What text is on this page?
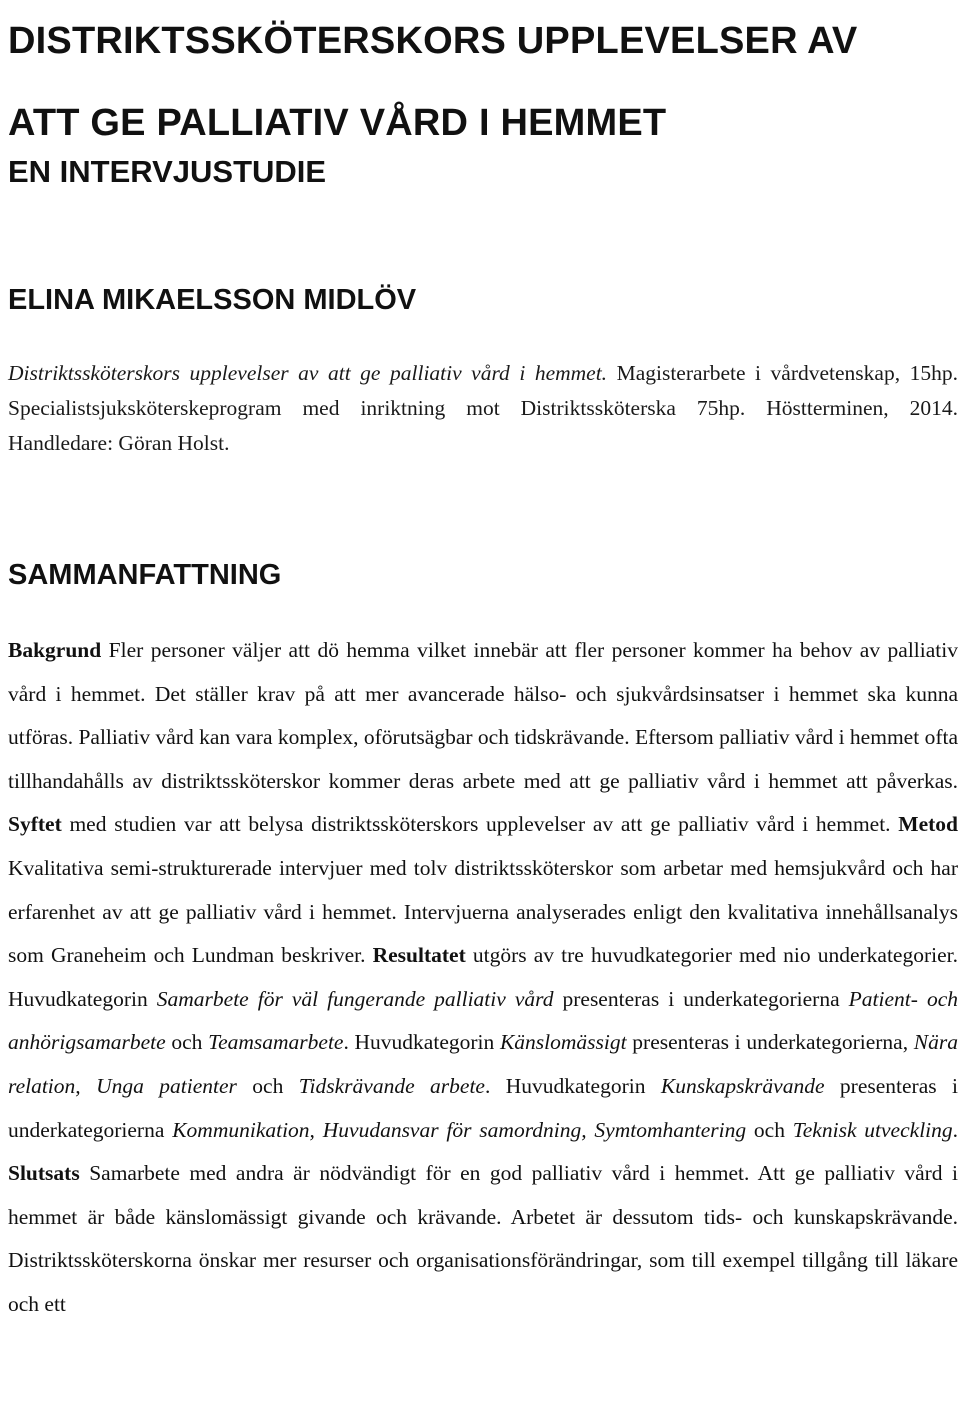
DISTRIKTSSKÖTERSKORS UPPLEVELSER AV
ATT GE PALLIATIV VÅRD I HEMMET
EN INTERVJUSTUDIE
ELINA MIKAELSSON MIDLÖV

Distriktssköterskors upplevelser av att ge palliativ vård i hemmet. Magisterarbete i vårdvetenskap, 15hp. Specialistsjuksköterskeprogram med inriktning mot Distriktssköterska 75hp. Höstterminen, 2014. Handledare: Göran Holst.

SAMMANFATTNING

Bakgrund Fler personer väljer att dö hemma vilket innebär att fler personer kommer ha behov av palliativ vård i hemmet. Det ställer krav på att mer avancerade hälso- och sjukvårdsinsatser i hemmet ska kunna utföras. Palliativ vård kan vara komplex, oförutsägbar och tidskrävande. Eftersom palliativ vård i hemmet ofta tillhandahålls av distriktssköterskor kommer deras arbete med att ge palliativ vård i hemmet att påverkas. Syftet med studien var att belysa distriktssköterskors upplevelser av att ge palliativ vård i hemmet. Metod Kvalitativa semi-strukturerade intervjuer med tolv distriktssköterskor som arbetar med hemsjukvård och har erfarenhet av att ge palliativ vård i hemmet. Intervjuerna analyserades enligt den kvalitativa innehållsanalys som Graneheim och Lundman beskriver. Resultatet utgörs av tre huvudkategorier med nio underkategorier. Huvudkategorin Samarbete för väl fungerande palliativ vård presenteras i underkategorierna Patient- och anhörigsamarbete och Teamsamarbete. Huvudkategorin Känslomässigt presenteras i underkategorierna, Nära relation, Unga patienter och Tidskrävande arbete. Huvudkategorin Kunskapskrävande presenteras i underkategorierna Kommunikation, Huvudansvar för samordning, Symtomhantering och Teknisk utveckling. Slutsats Samarbete med andra är nödvändigt för en god palliativ vård i hemmet. Att ge palliativ vård i hemmet är både känslomässigt givande och krävande. Arbetet är dessutom tids- och kunskapskrävande. Distriktssköterskorna önskar mer resurser och organisationsförändringar, som till exempel tillgång till läkare och ett
